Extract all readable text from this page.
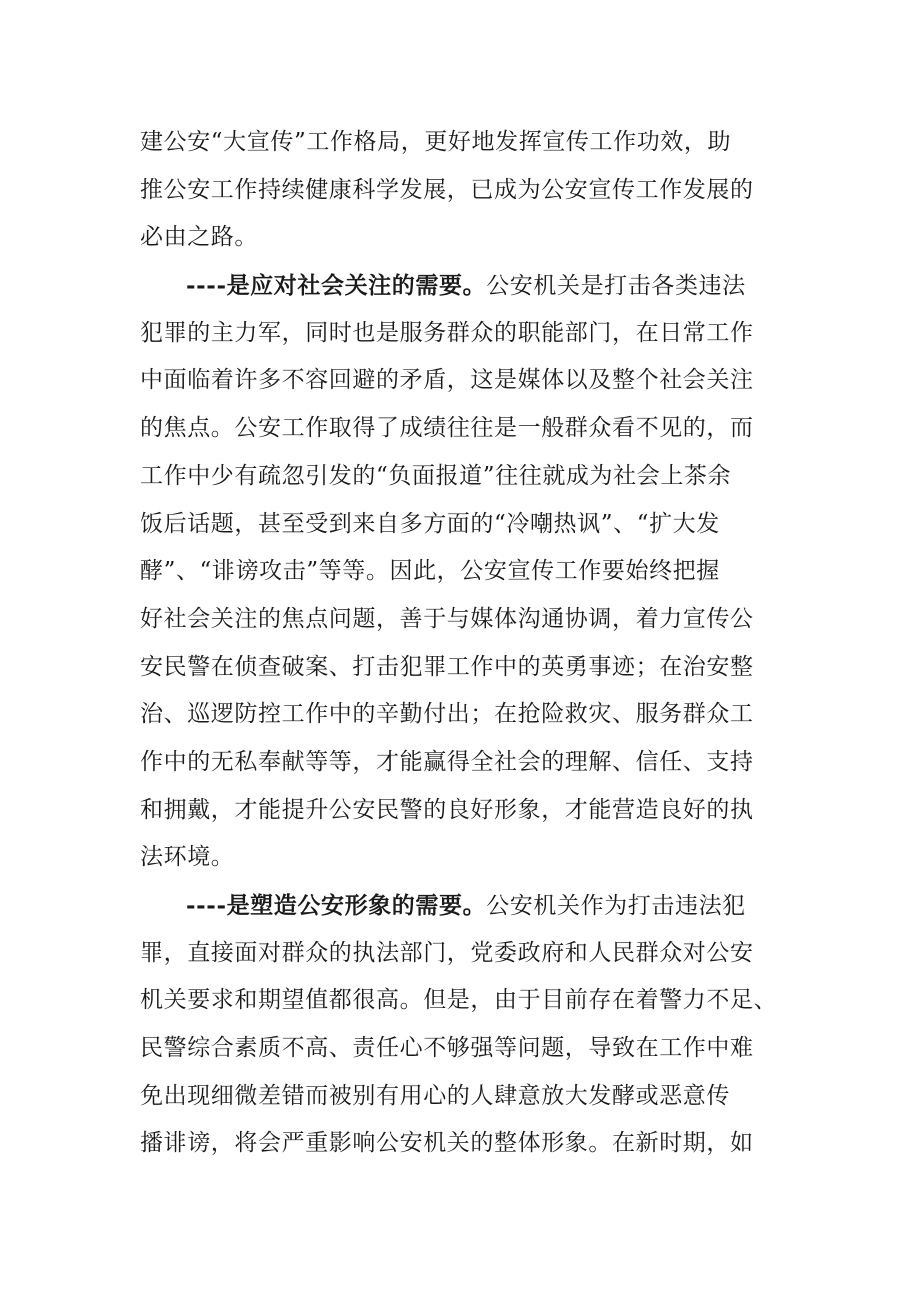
建公安“大宣传”工作格局，更好地发挥宣传工作功效，助
推公安工作持续健康科学发展，已成为公安宣传工作发展的
必由之路。
----是应对社会关注的需要。公安机关是打击各类违法
犯罪的主力军，同时也是服务群众的职能部门，在日常工作
中面临着许多不容回避的矛盾，这是媒体以及整个社会关注
的焦点。公安工作取得了成绩往往是一般群众看不见的，而
工作中少有疏忽引发的“负面报道”往往就成为社会上茶余
饭后话题，甚至受到来自多方面的“冷嘲热讽”、“扩大发
酵”、“诽谤攻击”等等。因此，公安宣传工作要始终把握
好社会关注的焦点问题，善于与媒体沟通协调，着力宣传公
安民警在侦查破案、打击犯罪工作中的英勇事迹；在治安整
治、巡逻防控工作中的辛勤付出；在抢险救灾、服务群众工
作中的无私奉献等等，才能赢得全社会的理解、信任、支持
和拥戴，才能提升公安民警的良好形象，才能营造良好的执
法环境。
----是塑造公安形象的需要。公安机关作为打击违法犯
罪，直接面对群众的执法部门，党委政府和人民群众对公安
机关要求和期望值都很高。但是，由于目前存在着警力不足、
民警综合素质不高、责任心不够强等问题，导致在工作中难
免出现细微差错而被别有用心的人肆意放大发酵或恶意传
播诽谤，将会严重影响公安机关的整体形象。在新时期，如
